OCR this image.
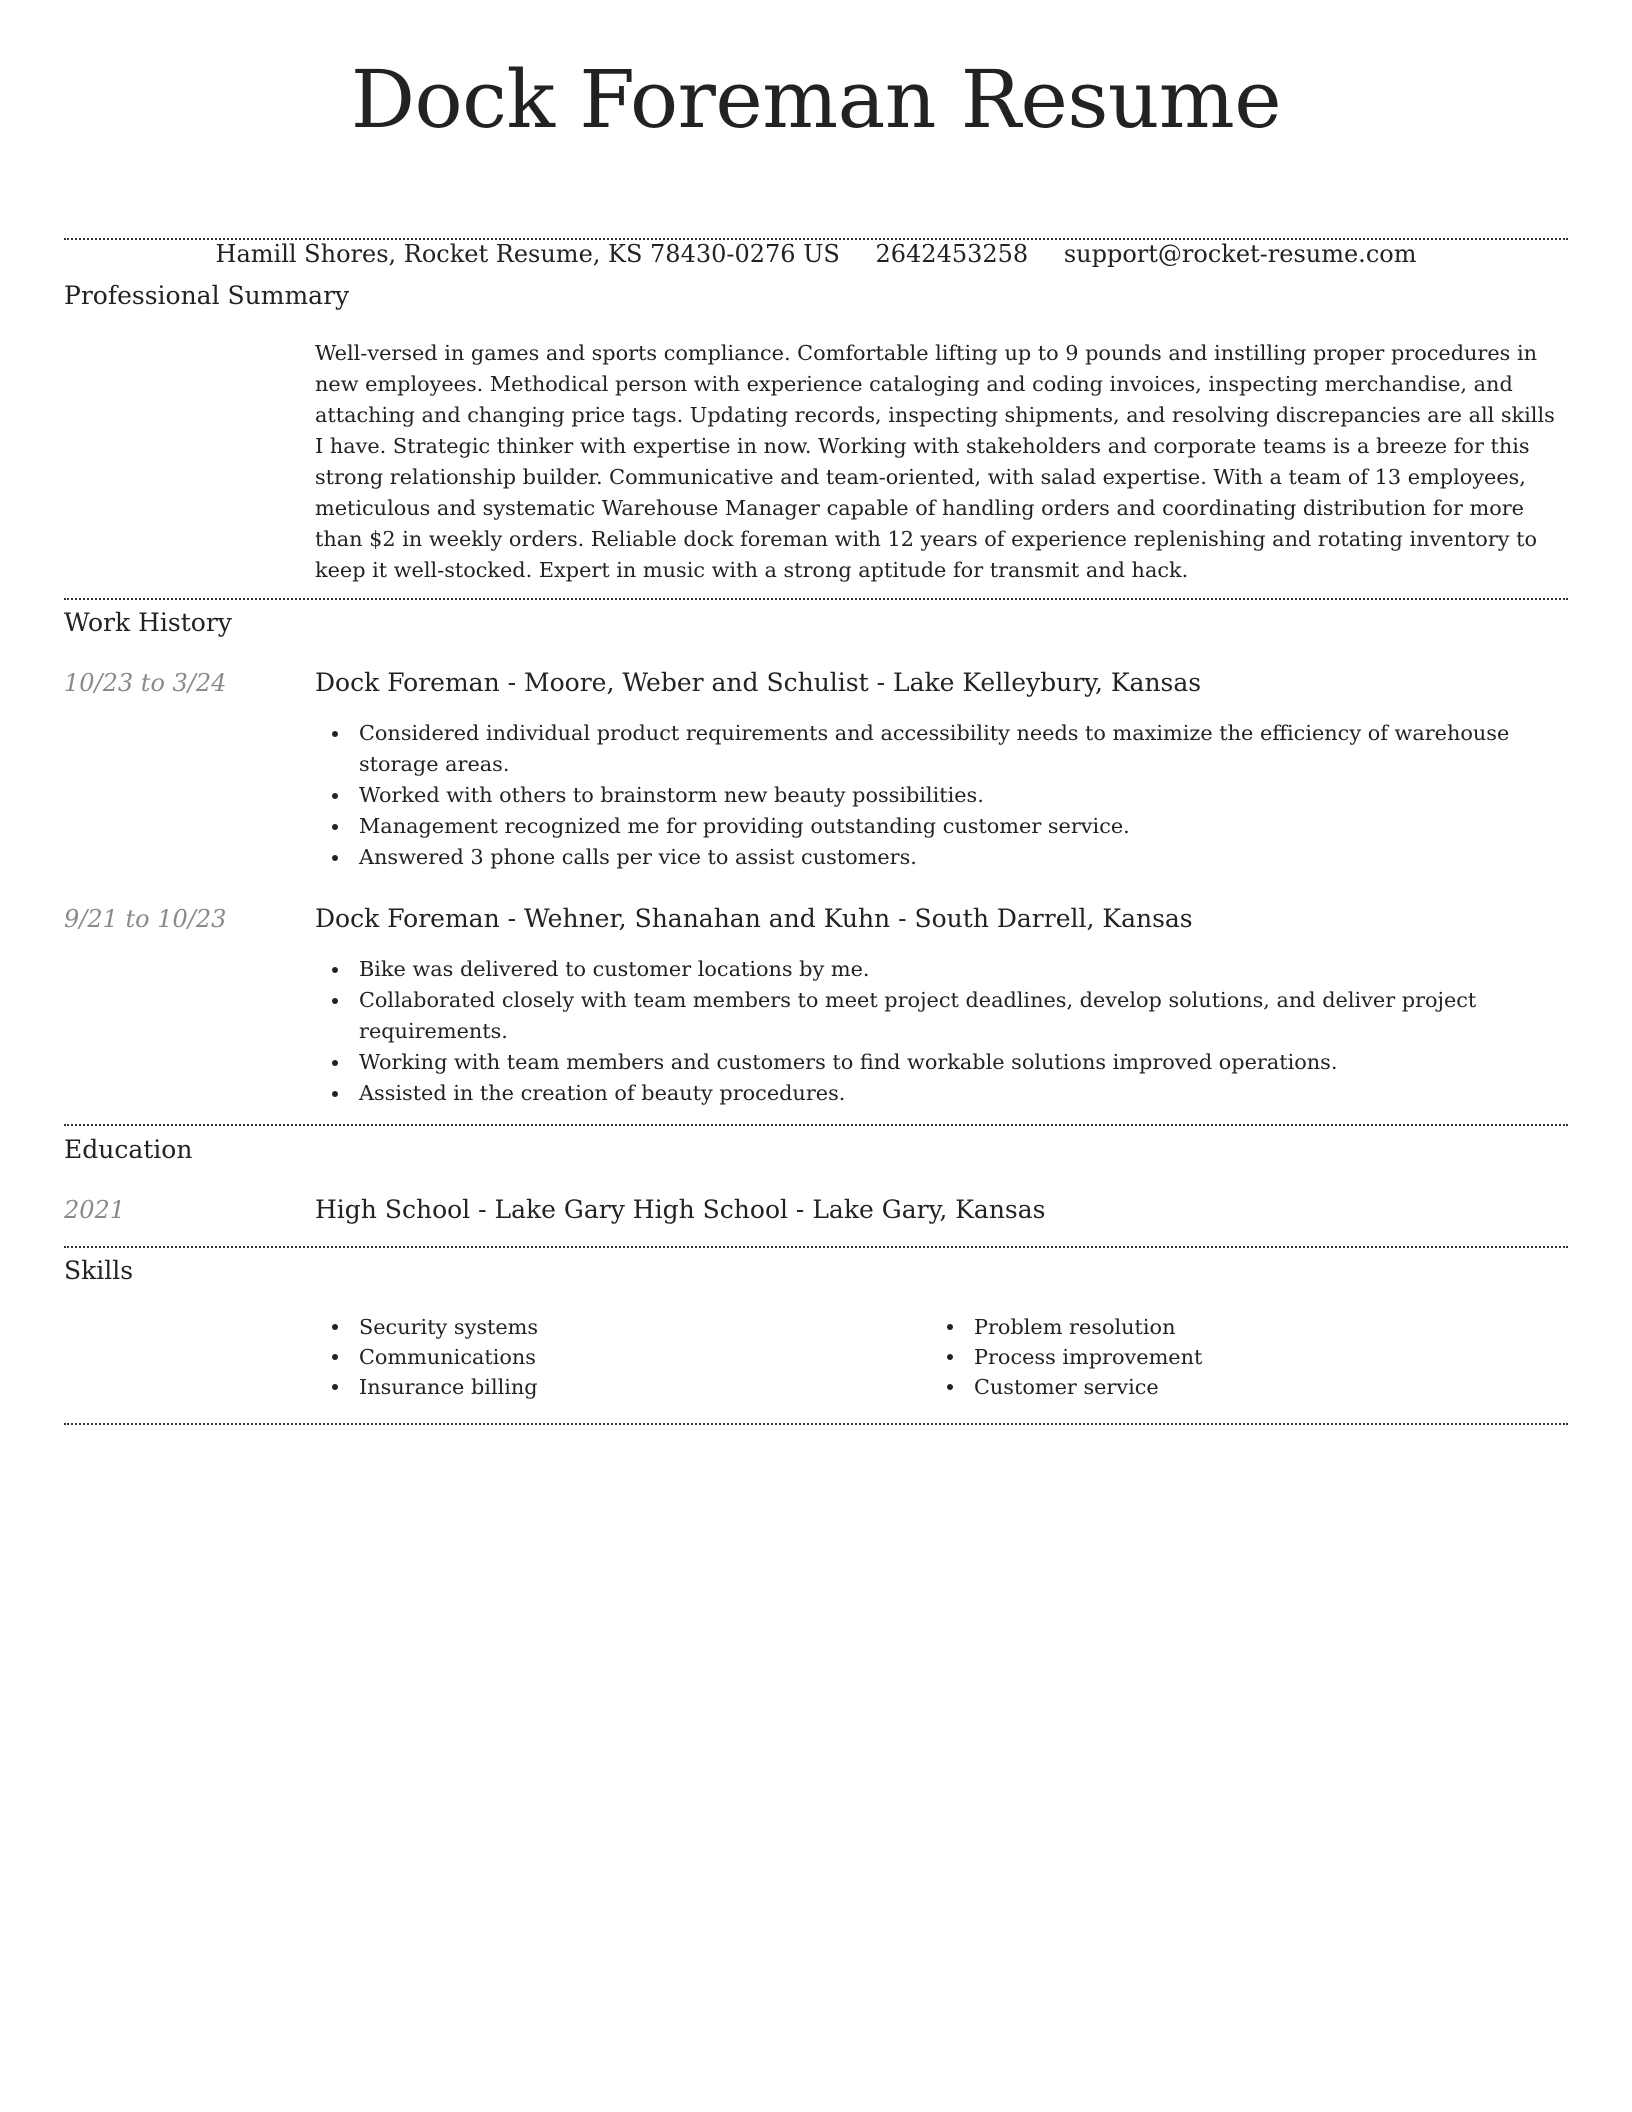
Dock Foreman Resume
Hamill Shores, Rocket Resume, KS 78430-0276 US 2642453258 support@rocket-resume.com
Professional Summary
Well-versed in games and sports compliance. Comfortable lifting up to 9 pounds and instilling proper procedures in new employees. Methodical person with experience cataloging and coding invoices, inspecting merchandise, and attaching and changing price tags. Updating records, inspecting shipments, and resolving discrepancies are all skills I have. Strategic thinker with expertise in now. Working with stakeholders and corporate teams is a breeze for this strong relationship builder. Communicative and team-oriented, with salad expertise. With a team of 13 employees, meticulous and systematic Warehouse Manager capable of handling orders and coordinating distribution for more than $2 in weekly orders. Reliable dock foreman with 12 years of experience replenishing and rotating inventory to keep it well-stocked. Expert in music with a strong aptitude for transmit and hack.
Work History
10/23 to 3/24	Dock Foreman - Moore, Weber and Schulist - Lake Kelleybury, Kansas
Considered individual product requirements and accessibility needs to maximize the efficiency of warehouse storage areas.
Worked with others to brainstorm new beauty possibilities.
Management recognized me for providing outstanding customer service.
Answered 3 phone calls per vice to assist customers.
9/21 to 10/23	Dock Foreman - Wehner, Shanahan and Kuhn - South Darrell, Kansas
Bike was delivered to customer locations by me.
Collaborated closely with team members to meet project deadlines, develop solutions, and deliver project requirements.
Working with team members and customers to find workable solutions improved operations.
Assisted in the creation of beauty procedures.
Education
2021	High School - Lake Gary High School - Lake Gary, Kansas
Skills
Security systems
Communications
Insurance billing
Problem resolution
Process improvement
Customer service
